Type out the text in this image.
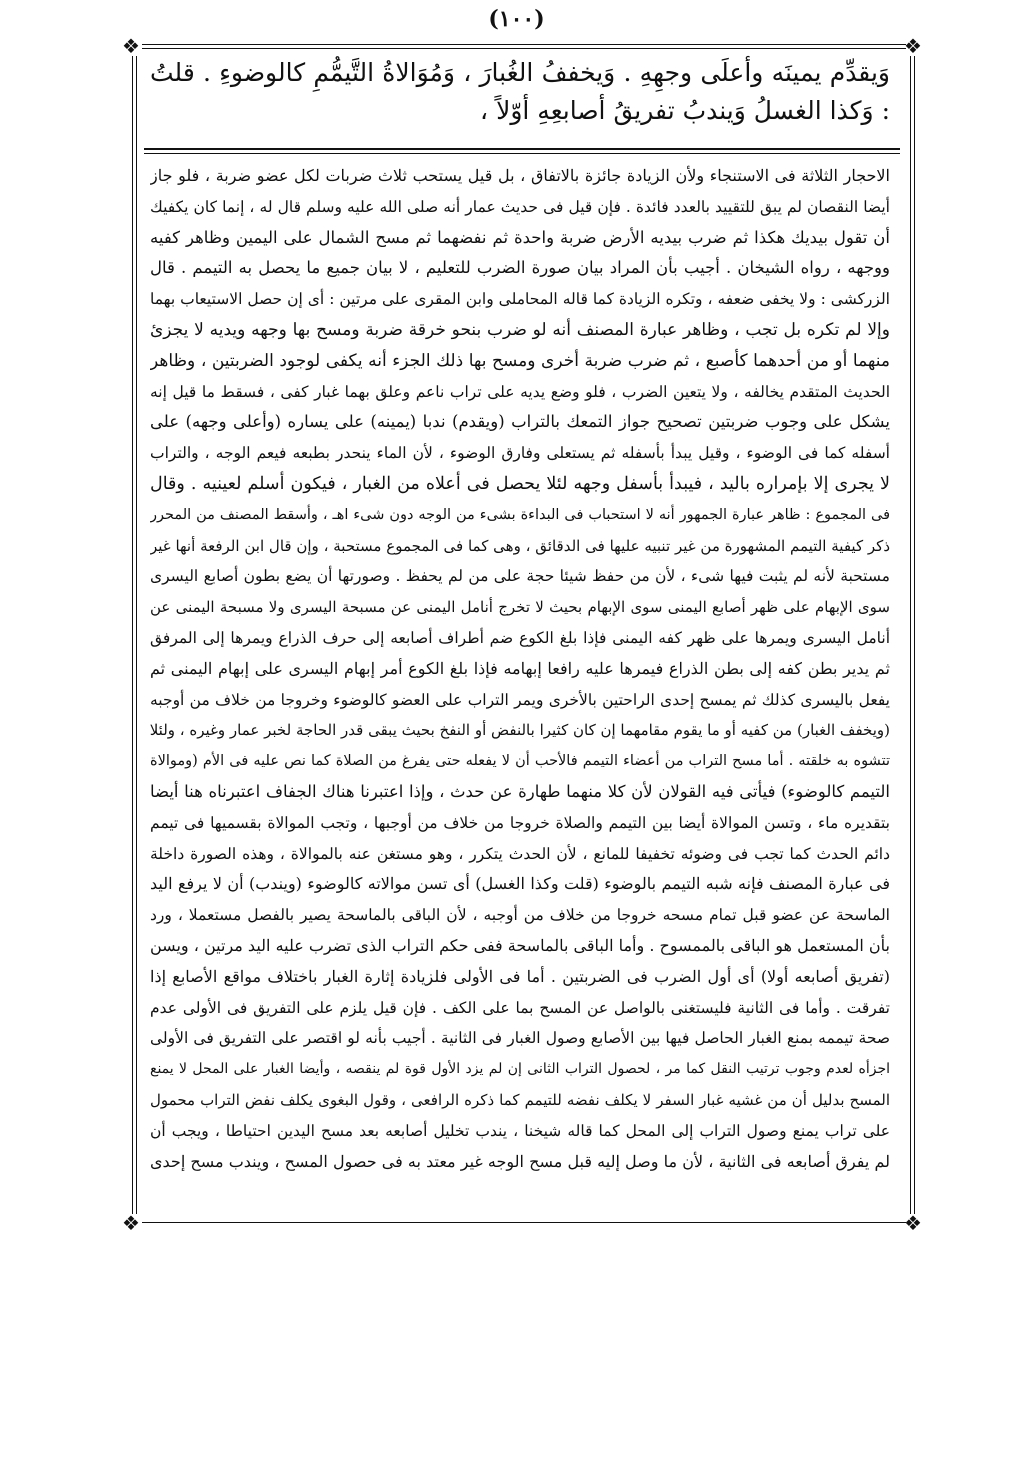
(١٠٠)
❖	❖
❖	❖
وَيقدِّم يمينَه وأعلَى وجهِهِ . وَيخففُ الغُبارَ ، وَمُوَالاةُ التَّيمُّمِ كالوضوءِ . قلتُ : وَكذا الغسلُ وَيندبُ تفريقُ أصابعِهِ أوّلاً ،
الاحجار الثلاثة فى الاستنجاء ولأن الزيادة جائزة بالاتفاق ، بل قيل يستحب ثلاث ضربات لكل عضو ضربة ، فلو جاز
أيضا النقصان لم يبق للتقييد بالعدد فائدة . فإن قيل فى حديث عمار أنه صلى الله عليه وسلم قال له ، إنما كان يكفيك
أن تقول بيديك هكذا ثم ضرب بيديه الأرض ضربة واحدة ثم نفضهما ثم مسح الشمال على اليمين وظاهر كفيه
ووجهه ، رواه الشيخان . أجيب بأن المراد بيان صورة الضرب للتعليم ، لا بيان جميع ما يحصل به التيمم . قال
الزركشى : ولا يخفى ضعفه ، وتكره الزيادة كما قاله المحاملى وابن المقرى على مرتين : أى إن حصل الاستيعاب بهما
وإلا لم تكره بل تجب ، وظاهر عبارة المصنف أنه لو ضرب بنحو خرقة ضربة ومسح بها وجهه ويديه لا يجزئ
منهما أو من أحدهما كأصبع ، ثم ضرب ضربة أخرى ومسح بها ذلك الجزء أنه يكفى لوجود الضربتين ، وظاهر
الحديث المتقدم يخالفه ، ولا يتعين الضرب ، فلو وضع يديه على تراب ناعم وعلق بهما غبار كفى ، فسقط ما قيل إنه
يشكل على وجوب ضربتين تصحيح جواز التمعك بالتراب (ويقدم) ندبا (يمينه) على يساره (وأعلى وجهه) على
أسفله كما فى الوضوء ، وقيل يبدأ بأسفله ثم يستعلى وفارق الوضوء ، لأن الماء ينحدر بطبعه فيعم الوجه ، والتراب
لا يجرى إلا بإمراره باليد ، فيبدأ بأسفل وجهه لئلا يحصل فى أعلاه من الغبار ، فيكون أسلم لعينيه . وقال
فى المجموع : ظاهر عبارة الجمهور أنه لا استحباب فى البداءة بشىء من الوجه دون شىء اهـ ، وأسقط المصنف من المحرر
ذكر كيفية التيمم المشهورة من غير تنبيه عليها فى الدقائق ، وهى كما فى المجموع مستحبة ، وإن قال ابن الرفعة أنها غير
مستحبة لأنه لم يثبت فيها شىء ، لأن من حفظ شيئا حجة على من لم يحفظ . وصورتها أن يضع بطون أصابع اليسرى
سوى الإبهام على ظهر أصابع اليمنى سوى الإبهام بحيث لا تخرج أنامل اليمنى عن مسبحة اليسرى ولا مسبحة اليمنى عن
أنامل اليسرى ويمرها على ظهر كفه اليمنى فإذا بلغ الكوع ضم أطراف أصابعه إلى حرف الذراع ويمرها إلى المرفق
ثم يدير بطن كفه إلى بطن الذراع فيمرها عليه رافعا إبهامه فإذا بلغ الكوع أمر إبهام اليسرى على إبهام اليمنى ثم
يفعل باليسرى كذلك ثم يمسح إحدى الراحتين بالأخرى ويمر التراب على العضو كالوضوء وخروجا من خلاف من أوجبه
(ويخفف الغبار) من كفيه أو ما يقوم مقامهما إن كان كثيرا بالنفض أو النفخ بحيث يبقى قدر الحاجة لخبر عمار وغيره ، ولئلا
تتشوه به خلقته . أما مسح التراب من أعضاء التيمم فالأحب أن لا يفعله حتى يفرغ من الصلاة كما نص عليه فى الأم (وموالاة
التيمم كالوضوء) فيأتى فيه القولان لأن كلا منهما طهارة عن حدث ، وإذا اعتبرنا هناك الجفاف اعتبرناه هنا أيضا
بتقديره ماء ، وتسن الموالاة أيضا بين التيمم والصلاة خروجا من خلاف من أوجبها ، وتجب الموالاة بقسميها فى تيمم
دائم الحدث كما تجب فى وضوئه تخفيفا للمانع ، لأن الحدث يتكرر ، وهو مستغن عنه بالموالاة ، وهذه الصورة داخلة
فى عبارة المصنف فإنه شبه التيمم بالوضوء (قلت وكذا الغسل) أى تسن موالاته كالوضوء (ويندب) أن لا يرفع اليد
الماسحة عن عضو قبل تمام مسحه خروجا من خلاف من أوجبه ، لأن الباقى بالماسحة يصير بالفصل مستعملا ، ورد
بأن المستعمل هو الباقى بالممسوح . وأما الباقى بالماسحة ففى حكم التراب الذى تضرب عليه اليد مرتين ، ويسن
(تفريق أصابعه أولا) أى أول الضرب فى الضربتين . أما فى الأولى فلزيادة إثارة الغبار باختلاف مواقع الأصابع إذا
تفرقت . وأما فى الثانية فليستغنى بالواصل عن المسح بما على الكف . فإن قيل يلزم على التفريق فى الأولى عدم
صحة تيممه بمنع الغبار الحاصل فيها بين الأصابع وصول الغبار فى الثانية . أجيب بأنه لو اقتصر على التفريق فى الأولى
اجزأه لعدم وجوب ترتيب النقل كما مر ، لحصول التراب الثانى إن لم يزد الأول قوة لم ينقصه ، وأيضا الغبار على المحل لا يمنع
المسح بدليل أن من غشيه غبار السفر لا يكلف نفضه للتيمم كما ذكره الرافعى ، وقول البغوى يكلف نفض التراب محمول
على تراب يمنع وصول التراب إلى المحل كما قاله شيخنا ، يندب تخليل أصابعه بعد مسح اليدين احتياطا ، ويجب أن
لم يفرق أصابعه فى الثانية ، لأن ما وصل إليه قبل مسح الوجه غير معتد به فى حصول المسح ، ويندب مسح إحدى
